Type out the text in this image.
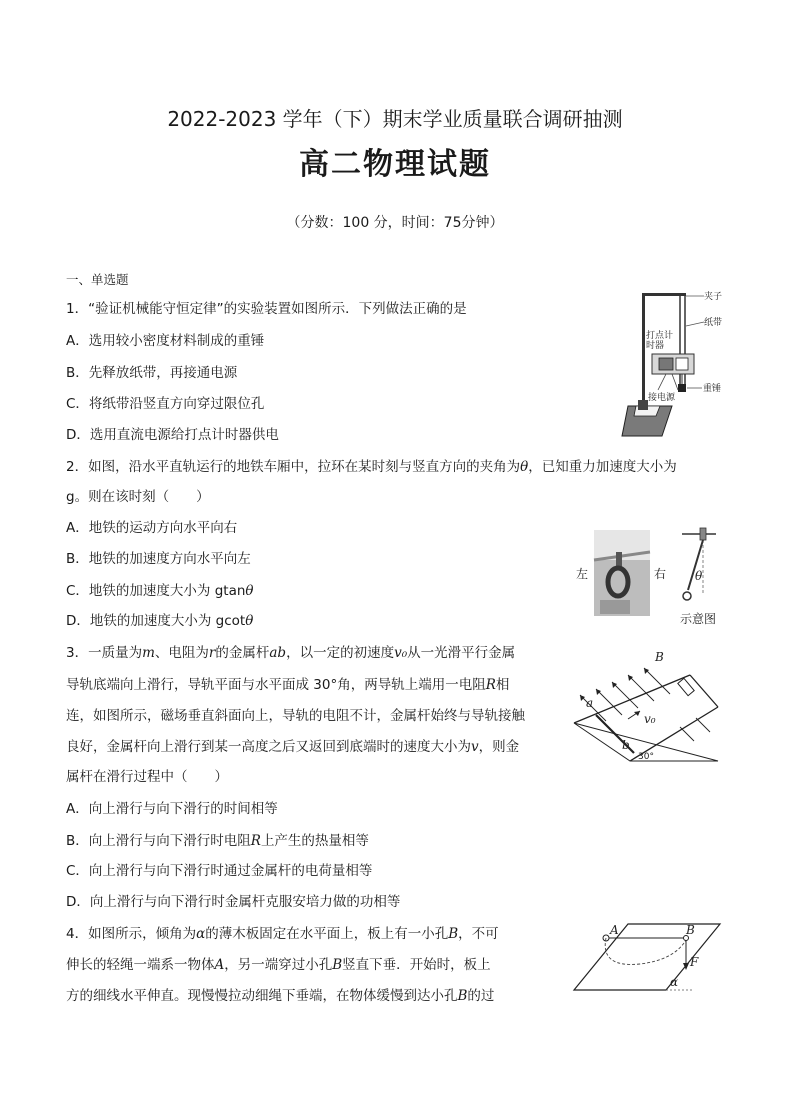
2022-2023 学年（下）期末学业质量联合调研抽测
高二物理试题
（分数：100 分，时间：75分钟）
一、单选题
1．“验证机械能守恒定律”的实验装置如图所示．下列做法正确的是
A．选用较小密度材料制成的重锤
B．先释放纸带，再接通电源
C．将纸带沿竖直方向穿过限位孔
D．选用直流电源给打点计时器供电
夹子
纸带
打点计
时器
重锤
接电源
2．如图，沿水平直轨运行的地铁车厢中，拉环在某时刻与竖直方向的夹角为θ，已知重力加速度大小为
g。则在该时刻（　　）
A．地铁的运动方向水平向右
B．地铁的加速度方向水平向左
C．地铁的加速度大小为 gtanθ
D．地铁的加速度大小为 gcotθ
左	右 θ
示意图
3．一质量为m、电阻为r的金属杆ab，以一定的初速度v₀从一光滑平行金属
导轨底端向上滑行，导轨平面与水平面成 30°角，两导轨上端用一电阻R相
连，如图所示，磁场垂直斜面向上，导轨的电阻不计，金属杆始终与导轨接触
良好，金属杆向上滑行到某一高度之后又返回到底端时的速度大小为v，则金
属杆在滑行过程中（　　）
A．向上滑行与向下滑行的时间相等
B．向上滑行与向下滑行时电阻R上产生的热量相等
C．向上滑行与向下滑行时通过金属杆的电荷量相等
D．向上滑行与向下滑行时金属杆克服安培力做的功相等
B
a
b
v₀
30°
4．如图所示，倾角为α的薄木板固定在水平面上，板上有一小孔B，不可
伸长的轻绳一端系一物体A，另一端穿过小孔B竖直下垂．开始时，板上
方的细线水平伸直。现慢慢拉动细绳下垂端，在物体缓慢到达小孔B的过
A	B
F
α
